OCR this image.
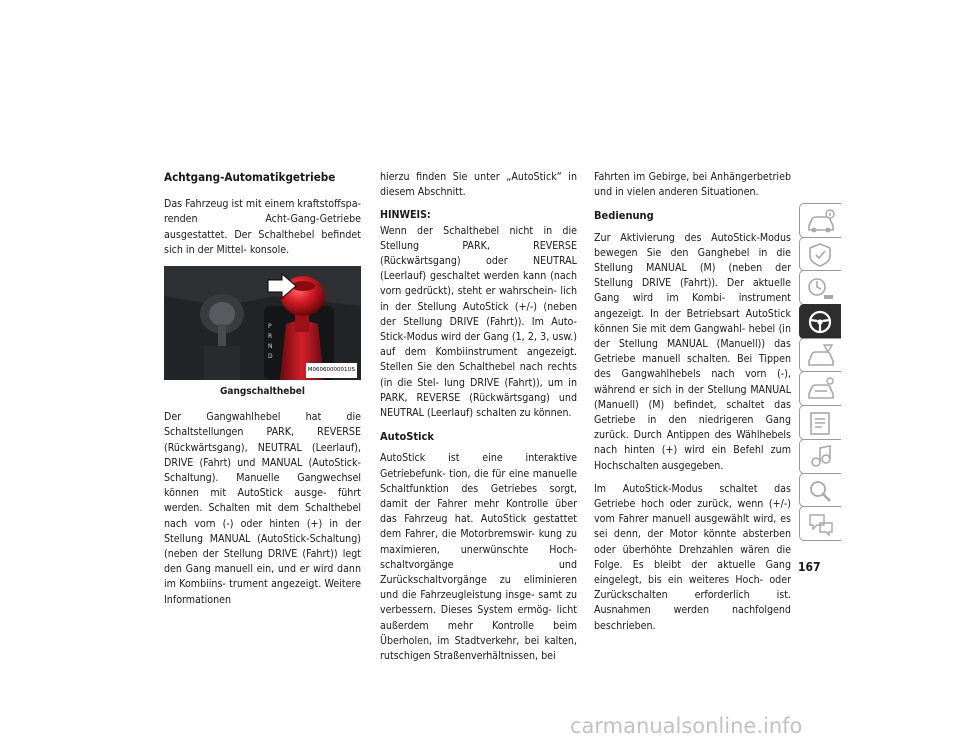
Achtgang-Automatikgetriebe

Das Fahrzeug ist mit einem kraftstoffspa- renden Acht-Gang-Getriebe ausgestattet. Der Schalthebel befindet sich in der Mittel- konsole.

P
R
N
D
M0606000001US
Gangschalthebel

Der Gangwahlhebel hat die Schaltstellungen PARK, REVERSE (Rückwärtsgang), NEUTRAL (Leerlauf), DRIVE (Fahrt) und MANUAL (AutoStick-Schaltung). Manuelle Gangwechsel können mit AutoStick ausge- führt werden. Schalten mit dem Schalthebel nach vorn (-) oder hinten (+) in der Stellung MANUAL (AutoStick-Schaltung) (neben der Stellung DRIVE (Fahrt)) legt den Gang manuell ein, und er wird dann im Kombiins- trument angezeigt. Weitere Informationen

hierzu finden Sie unter „AutoStick“ in diesem Abschnitt.

HINWEIS:
Wenn der Schalthebel nicht in die Stellung PARK, REVERSE (Rückwärtsgang) oder NEUTRAL (Leerlauf) geschaltet werden kann (nach vorn gedrückt), steht er wahrschein- lich in der Stellung AutoStick (+/-) (neben der Stellung DRIVE (Fahrt)). Im Auto- Stick-Modus wird der Gang (1, 2, 3, usw.) auf dem Kombiinstrument angezeigt. Stellen Sie den Schalthebel nach rechts (in die Stel- lung DRIVE (Fahrt)), um in PARK, REVERSE (Rückwärtsgang) und NEUTRAL (Leerlauf) schalten zu können.

AutoStick

AutoStick ist eine interaktive Getriebefunk- tion, die für eine manuelle Schaltfunktion des Getriebes sorgt, damit der Fahrer mehr Kontrolle über das Fahrzeug hat. AutoStick gestattet dem Fahrer, die Motorbremswir- kung zu maximieren, unerwünschte Hoch- schaltvorgänge und Zurückschaltvorgänge zu eliminieren und die Fahrzeugleistung insge- samt zu verbessern. Dieses System ermög- licht außerdem mehr Kontrolle beim Überholen, im Stadtverkehr, bei kalten, rutschigen Straßenverhältnissen, bei

Fahrten im Gebirge, bei Anhängerbetrieb und in vielen anderen Situationen.

Bedienung

Zur Aktivierung des AutoStick-Modus bewegen Sie den Ganghebel in die Stellung MANUAL (M) (neben der Stellung DRIVE (Fahrt)). Der aktuelle Gang wird im Kombi- instrument angezeigt. In der Betriebsart AutoStick können Sie mit dem Gangwahl- hebel (in der Stellung MANUAL (Manuell)) das Getriebe manuell schalten. Bei Tippen des Gangwahlhebels nach vorn (-), während er sich in der Stellung MANUAL (Manuell) (M) befindet, schaltet das Getriebe in den niedrigeren Gang zurück. Durch Antippen des Wählhebels nach hinten (+) wird ein Befehl zum Hochschalten ausgegeben.

Im AutoStick-Modus schaltet das Getriebe hoch oder zurück, wenn (+/-) vom Fahrer manuell ausgewählt wird, es sei denn, der Motor könnte absterben oder überhöhte Drehzahlen wären die Folge. Es bleibt der aktuelle Gang eingelegt, bis ein weiteres Hoch- oder Zurückschalten erforderlich ist. Ausnahmen werden nachfolgend beschrieben.

167
carmanualsonline.info
